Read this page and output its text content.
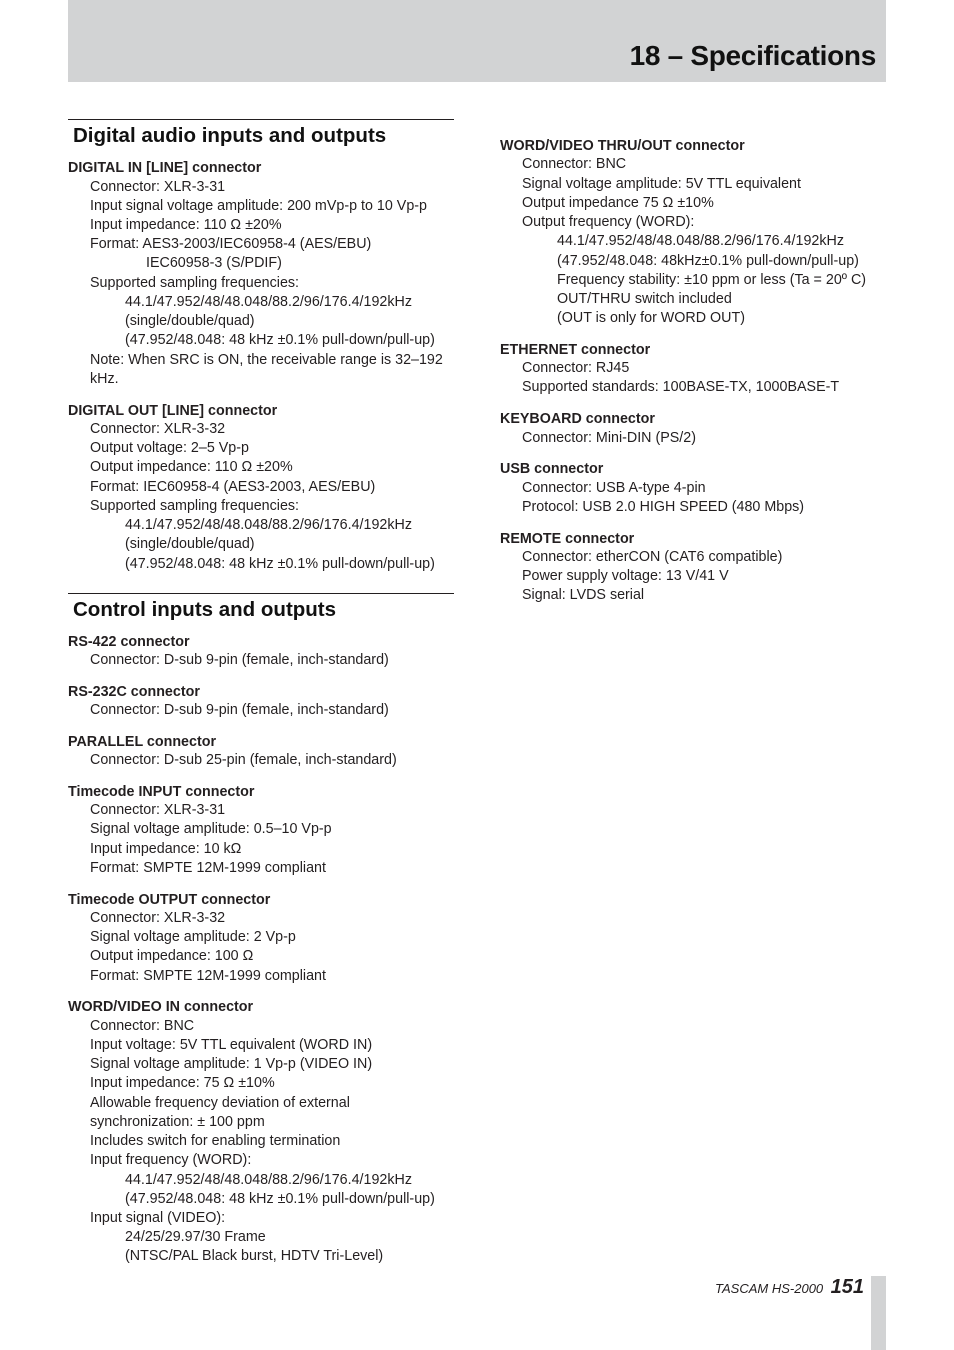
18 – Specifications
Digital audio inputs and outputs
DIGITAL IN [LINE] connector
Connector: XLR-3-31
Input signal voltage amplitude: 200 mVp-p to 10 Vp-p
Input impedance: 110 Ω ±20%
Format: AES3-2003/IEC60958-4 (AES/EBU)
IEC60958-3 (S/PDIF)
Supported sampling frequencies:
44.1/47.952/48/48.048/88.2/96/176.4/192kHz
(single/double/quad)
(47.952/48.048: 48 kHz ±0.1% pull-down/pull-up)
Note: When SRC is ON, the receivable range is 32–192
kHz.
DIGITAL OUT [LINE] connector
Connector: XLR-3-32
Output voltage: 2–5 Vp-p
Output impedance: 110 Ω ±20%
Format: IEC60958-4 (AES3-2003, AES/EBU)
Supported sampling frequencies:
44.1/47.952/48/48.048/88.2/96/176.4/192kHz
(single/double/quad)
(47.952/48.048: 48 kHz ±0.1% pull-down/pull-up)
Control inputs and outputs
RS-422 connector
Connector: D-sub 9-pin (female, inch-standard)
RS-232C connector
Connector: D-sub 9-pin (female, inch-standard)
PARALLEL connector
Connector: D-sub 25-pin (female, inch-standard)
Timecode INPUT connector
Connector: XLR-3-31
Signal voltage amplitude: 0.5–10 Vp-p
Input impedance: 10 kΩ
Format: SMPTE 12M-1999 compliant
Timecode OUTPUT connector
Connector: XLR-3-32
Signal voltage amplitude: 2 Vp-p
Output impedance: 100 Ω
Format: SMPTE 12M-1999 compliant
WORD/VIDEO IN connector
Connector: BNC
Input voltage: 5V TTL equivalent (WORD IN)
Signal voltage amplitude: 1 Vp-p (VIDEO IN)
Input impedance: 75 Ω ±10%
Allowable frequency deviation of external
synchronization: ± 100 ppm
Includes switch for enabling termination
Input frequency (WORD):
44.1/47.952/48/48.048/88.2/96/176.4/192kHz
(47.952/48.048: 48 kHz ±0.1% pull-down/pull-up)
Input signal (VIDEO):
24/25/29.97/30 Frame
(NTSC/PAL Black burst, HDTV Tri-Level)
WORD/VIDEO THRU/OUT connector
Connector: BNC
Signal voltage amplitude: 5V TTL equivalent
Output impedance 75 Ω ±10%
Output frequency (WORD):
44.1/47.952/48/48.048/88.2/96/176.4/192kHz
(47.952/48.048: 48kHz±0.1% pull-down/pull-up)
Frequency stability: ±10 ppm or less (Ta = 20º C)
OUT/THRU switch included
(OUT is only for WORD OUT)
ETHERNET connector
Connector: RJ45
Supported standards: 100BASE-TX, 1000BASE-T
KEYBOARD connector
Connector: Mini-DIN (PS/2)
USB connector
Connector: USB A-type 4-pin
Protocol: USB 2.0 HIGH SPEED (480 Mbps)
REMOTE connector
Connector: etherCON (CAT6 compatible)
Power supply voltage: 13 V/41 V
Signal: LVDS serial
TASCAM HS-2000 151
